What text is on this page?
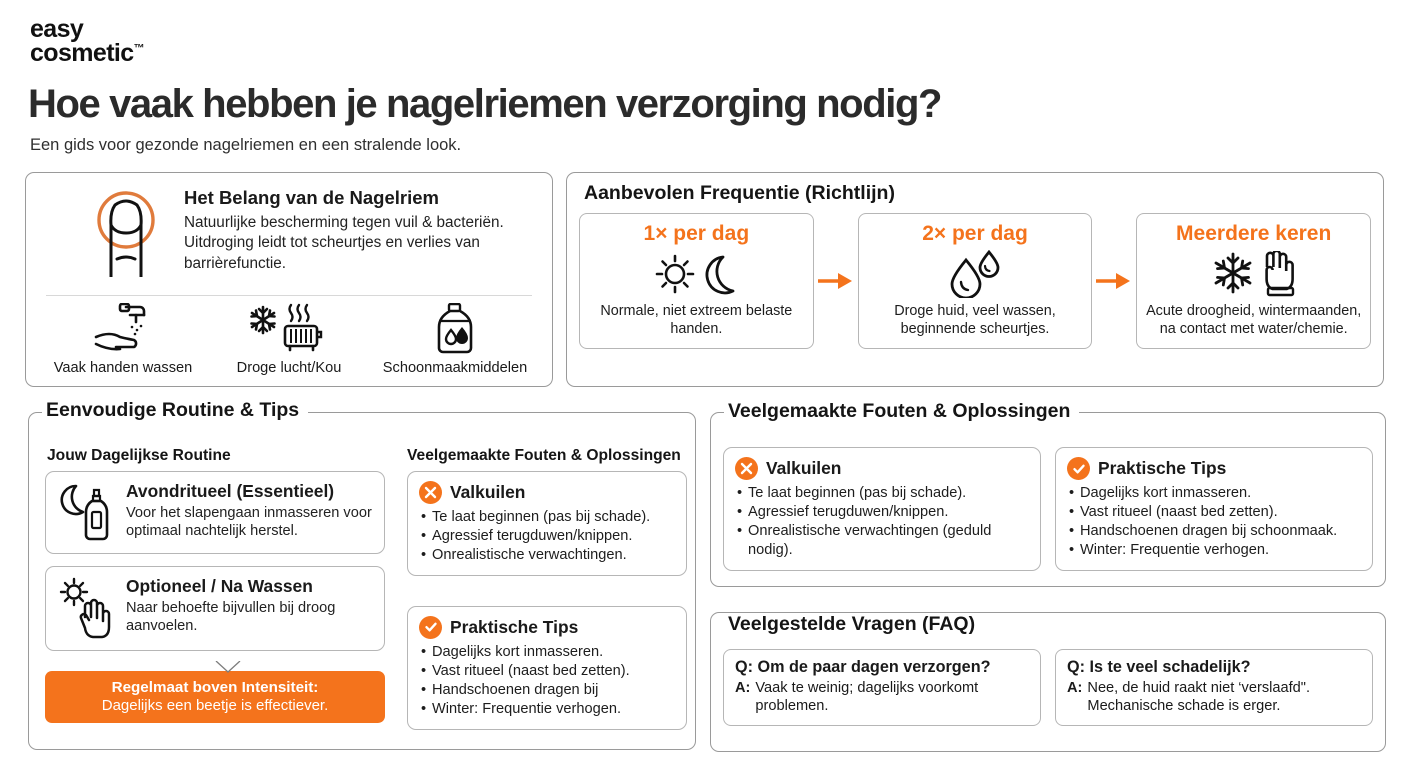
easy
cosmetic™
Hoe vaak hebben je nagelriemen verzorging nodig?
Een gids voor gezonde nagelriemen en een stralende look.
Het Belang van de Nagelriem
Natuurlijke bescherming tegen vuil & bacteriën. Uitdroging leidt tot scheurtjes en verlies van barrièrefunctie.
Vaak handen wassen	Droge lucht/Kou	Schoonmaakmiddelen
1× per dag
Normale, niet extreem belaste handen.
2× per dag
Droge huid, veel wassen, beginnende scheurtjes.
Meerdere keren
Acute droogheid, wintermaanden, na contact met water/chemie.
Aanbevolen Frequentie (Richtlijn)
Jouw Dagelijkse Routine	Veelgemaakte Fouten & Oplossingen
Avondritueel (Essentieel)
Voor het slapengaan inmasseren voor optimaal nachtelijk herstel.
Optioneel / Na Wassen
Naar behoefte bijvullen bij droog aanvoelen.
Regelmaat boven Intensiteit:
Dagelijks een beetje is effectiever.
Valkuilen
• Te laat beginnen (pas bij schade).
• Agressief terugduwen/knippen.
• Onrealistische verwachtingen.
Praktische Tips
• Dagelijks kort inmasseren.
• Vast ritueel (naast bed zetten).
• Handschoenen dragen bij
• Winter: Frequentie verhogen.
Eenvoudige Routine & Tips
Valkuilen
• Te laat beginnen (pas bij schade).
• Agressief terugduwen/knippen.
• Onrealistische verwachtingen (geduld nodig).
Praktische Tips
• Dagelijks kort inmasseren.
• Vast ritueel (naast bed zetten).
• Handschoenen dragen bij schoonmaak.
• Winter: Frequentie verhogen.
Veelgemaakte Fouten & Oplossingen
Q: Om de paar dagen verzorgen?
A: Vaak te weinig; dagelijks voorkomt problemen.
Q: Is te veel schadelijk?
A: Nee, de huid raakt niet ‘verslaafd". Mechanische schade is erger.
Veelgestelde Vragen (FAQ)
